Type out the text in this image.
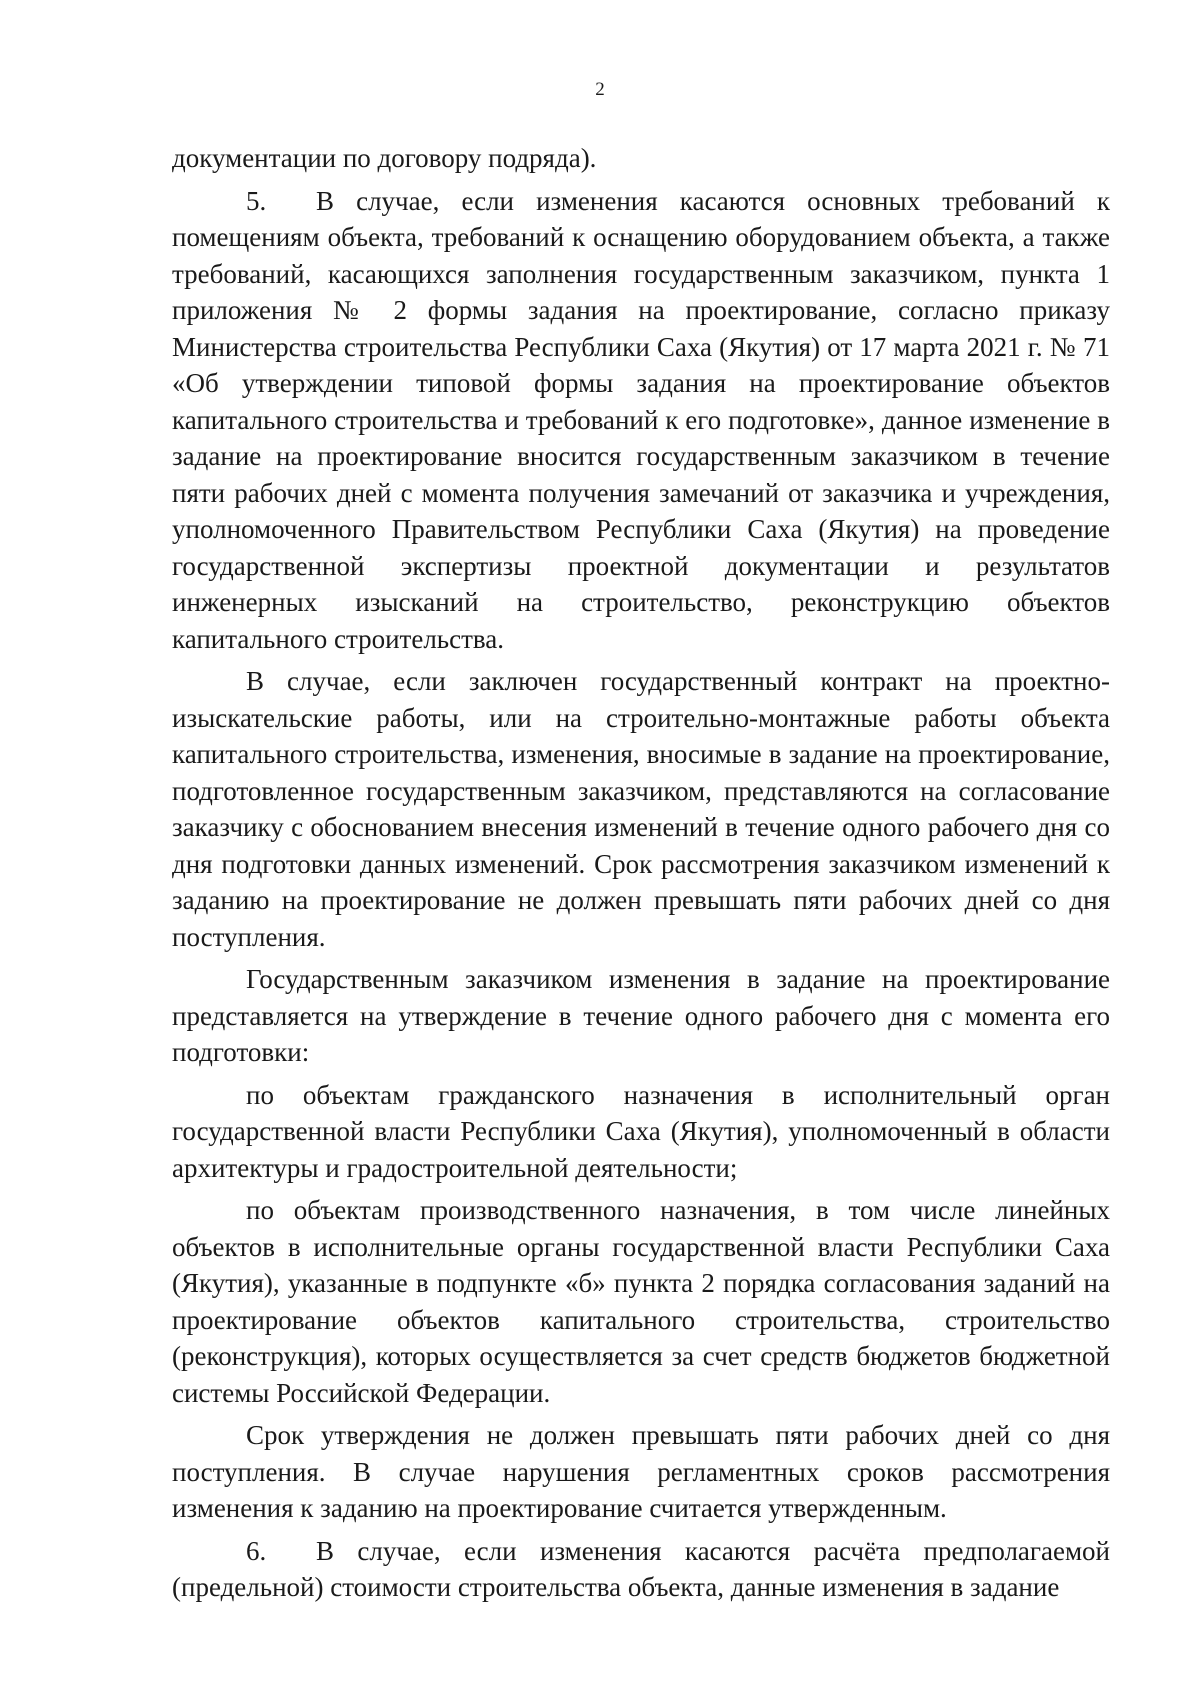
2

документации по договору подряда).

5. В случае, если изменения касаются основных требований к помещениям объекта, требований к оснащению оборудованием объекта, а также требований, касающихся заполнения государственным заказчиком, пункта 1 приложения № 2 формы задания на проектирование, согласно приказу Министерства строительства Республики Саха (Якутия) от 17 марта 2021 г. № 71 «Об утверждении типовой формы задания на проектирование объектов капитального строительства и требований к его подготовке», данное изменение в задание на проектирование вносится государственным заказчиком в течение пяти рабочих дней с момента получения замечаний от заказчика и учреждения, уполномоченного Правительством Республики Саха (Якутия) на проведение государственной экспертизы проектной документации и результатов инженерных изысканий на строительство, реконструкцию объектов капитального строительства.

В случае, если заключен государственный контракт на проектно-изыскательские работы, или на строительно-монтажные работы объекта капитального строительства, изменения, вносимые в задание на проектирование, подготовленное государственным заказчиком, представляются на согласование заказчику с обоснованием внесения изменений в течение одного рабочего дня со дня подготовки данных изменений. Срок рассмотрения заказчиком изменений к заданию на проектирование не должен превышать пяти рабочих дней со дня поступления.

Государственным заказчиком изменения в задание на проектирование представляется на утверждение в течение одного рабочего дня с момента его подготовки:

по объектам гражданского назначения в исполнительный орган государственной власти Республики Саха (Якутия), уполномоченный в области архитектуры и градостроительной деятельности;

по объектам производственного назначения, в том числе линейных объектов в исполнительные органы государственной власти Республики Саха (Якутия), указанные в подпункте «б» пункта 2 порядка согласования заданий на проектирование объектов капитального строительства, строительство (реконструкция), которых осуществляется за счет средств бюджетов бюджетной системы Российской Федерации.

Срок утверждения не должен превышать пяти рабочих дней со дня поступления. В случае нарушения регламентных сроков рассмотрения изменения к заданию на проектирование считается утвержденным.

6. В случае, если изменения касаются расчёта предполагаемой (предельной) стоимости строительства объекта, данные изменения в задание
